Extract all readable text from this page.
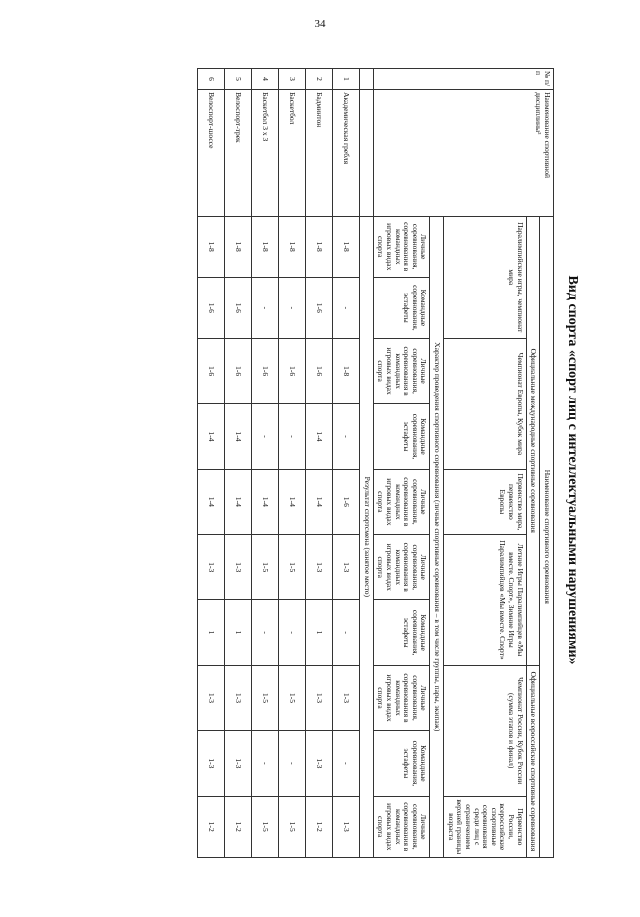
34
Вид спорта «спорт лиц с интеллектуальными нарушениями»
№ п/п	Наименование спортивной дисциплины³	Наименование спортивного соревнования									
		Официальные международные спортивные соревнования							Официальные всероссийские спортивные соревнования		
		Паралимпийские игры, чемпионат мира		Чемпионат Европы, Кубок мира		Первенство мира, первенство Европы	Летние Игры Паралимпийцев «Мы вместе. Спорт», Зимние Игры Паралимпийцев «Мы вместе. Спорт»		Чемпионат России, Кубок России (сумма этапов и финал)		Первенство России, всероссийские спортивные соревнования среди лиц с ограничением верхней границы возраста
		Характер проведения спортивного соревнования (личные спортивные соревнования – в том числе группы, пары, экипаж)									
		Личные соревнования, соревнования в командных игровых видах спорта	Командные соревнования, эстафеты	Личные соревнования, соревнования в командных игровых видах спорта	Командные соревнования, эстафеты	Личные соревнования, соревнования в командных игровых видах спорта	Личные соревнования, соревнования в командных игровых видах спорта	Командные соревнования, эстафеты	Личные соревнования, соревнования в командных игровых видах спорта	Командные соревнования, эстафеты	Личные соревнования, соревнования в командных игровых видах спорта
		Результат спортсмена (занятое место)									
1	Академическая гребля	1-8	-	1-8	-	1-6	1-3	-	1-3	-	1-3
2	Бадминтон	1-8	1-6	1-6	1-4	1-4	1-3	1	1-3	1-3	1-2
3	Баскетбол	1-8	-	1-6	-	1-4	1-5	-	1-5	-	1-5
4	Баскетбол 3 х 3	1-8	-	1-6	-	1-4	1-5	-	1-5	-	1-5
5	Велоспорт-трек	1-8	1-6	1-6	1-4	1-4	1-3	1	1-3	1-3	1-2
6	Велоспорт-шоссе	1-8	1-6	1-6	1-4	1-4	1-3	1	1-3	1-3	1-2
